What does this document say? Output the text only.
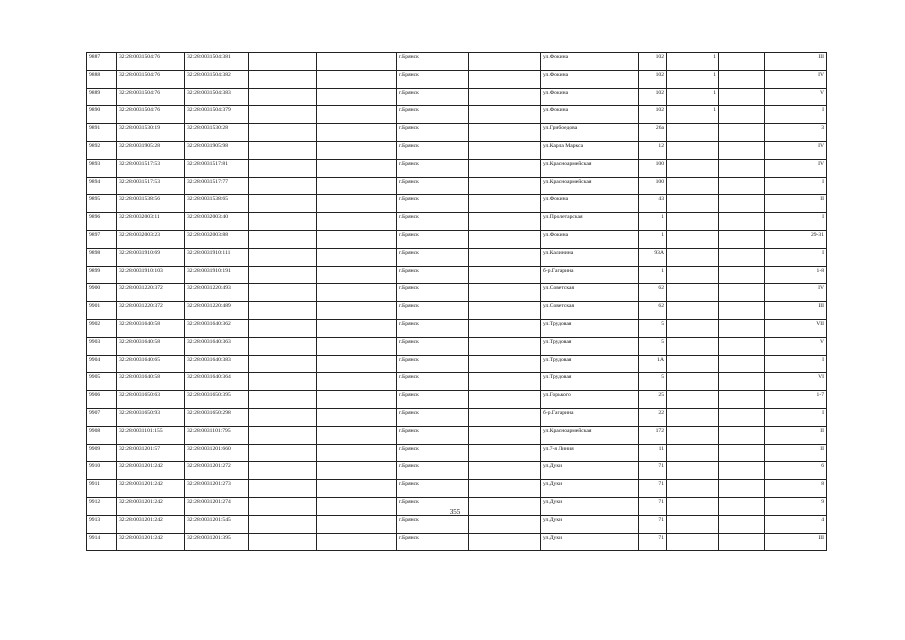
9887	32:28:0031504:76	32:28:0031504:381			г.Брянск		ул.Фокина	102	1		III
9888	32:28:0031504:76	32:28:0031504:382			г.Брянск		ул.Фокина	102	1		IV
9889	32:28:0031504:76	32:28:0031504:383			г.Брянск		ул.Фокина	102	1		V
9890	32:28:0031504:76	32:28:0031504:379			г.Брянск		ул.Фокина	102	1		I
9891	32:28:0031530:19	32:28:0031530:28			г.Брянск		ул.Грибоедова	26а			3
9892	32:28:0031905:28	32:28:0031905:98			г.Брянск		ул.Карла Маркса	12			IV
9893	32:28:0031517:53	32:28:0031517:81			г.Брянск		ул.Красноармейская	100			IV
9894	32:28:0031517:53	32:28:0031517:77			г.Брянск		ул.Красноармейская	100			I
9895	32:28:0031538:56	32:28:0031538:65			г.Брянск		ул.Фокина	43			II
9896	32:28:0032003:11	32:28:0032003:40			г.Брянск		ул.Пролетарская	1			I
9897	32:28:0032003:23	32:28:0032003:88			г.Брянск		ул.Фокина	1			29-31
9898	32:28:0031910:69	32:28:0031910:111			г.Брянск		ул.Калинина	93А			I
9899	32:28:0031910:103	32:28:0031910:191			г.Брянск		б-р.Гагарина	1			1-8
9900	32:28:0031220:372	32:28:0031220:493			г.Брянск		ул.Советская	62			IV
9901	32:28:0031220:372	32:28:0031220:489			г.Брянск		ул.Советская	62			III
9902	32:28:0031640:58	32:28:0031640:362			г.Брянск		ул.Трудовая	5			VII
9903	32:28:0031640:58	32:28:0031640:363			г.Брянск		ул.Трудовая	5			V
9904	32:28:0031640:65	32:28:0031640:383			г.Брянск		ул.Трудовая	1А			I
9905	32:28:0031640:58	32:28:0031640:364			г.Брянск		ул.Трудовая	5			VI
9906	32:28:0031650:63	32:28:0031650:395			г.Брянск		ул.Горького	25			1-7
9907	32:28:0031650:93	32:28:0031650:298			г.Брянск		б-р.Гагарина	22			I
9908	32:28:0031101:155	32:28:0031101:795			г.Брянск		ул.Красноармейская	172			II
9909	32:28:0031201:57	32:28:0031201:660			г.Брянск		ул.7-я Линия	11			II
9910	32:28:0031201:242	32:28:0031201:272			г.Брянск		ул.Дуки	71			6
9911	32:28:0031201:242	32:28:0031201:273			г.Брянск		ул.Дуки	71			8
9912	32:28:0031201:242	32:28:0031201:274			г.Брянск		ул.Дуки	71			9
9913	32:28:0031201:242	32:28:0031201:545			г.Брянск		ул.Дуки	71			4
9914	32:28:0031201:242	32:28:0031201:395			г.Брянск		ул.Дуки	71			III
355
